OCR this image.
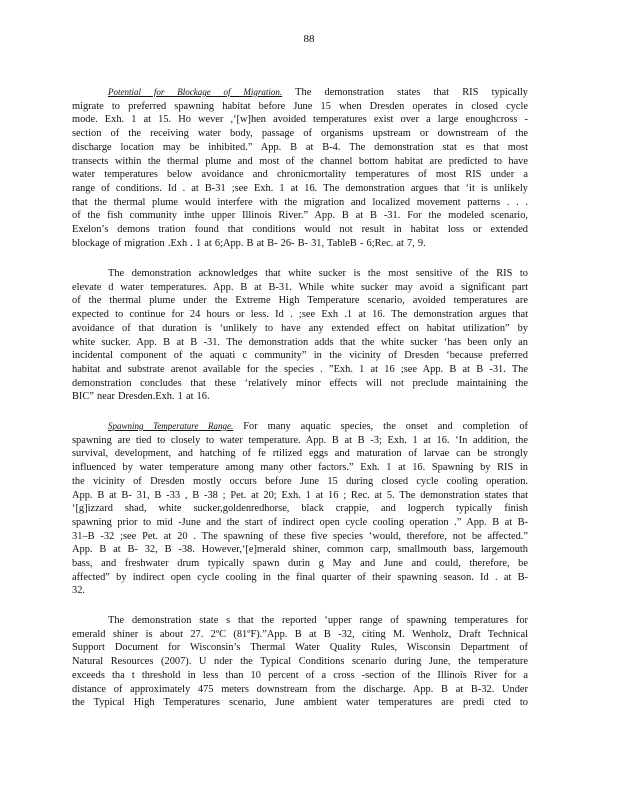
88
Potential for Blockage of Migration. The demonstration states that RIS typically
migrate to preferred spawning habitat before June 15 when Dresden operates in closed cycle
mode. Exh. 1 at 15. Ho wever ,‘[w]hen avoided temperatures exist over a large enoughcross -
section of the receiving water body, passage of organisms upstream or downstream of the
discharge location may be inhibited.” App. B at B-4. The demonstration stat es that most
transects within the thermal plume and most of the channel bottom habitat are predicted to have
water temperatures below avoidance and chronicmortality temperatures of most RIS under a
range of conditions. Id . at B-31 ;see Exh. 1 at 16. The demonstration argues that ‘it is unlikely
that the thermal plume would interfere with the migration and localized movement patterns . . .
of the fish community inthe upper Illinois River.” App. B at B -31. For the modeled scenario,
Exelon’s demons tration found that conditions would not result in habitat loss or extended
blockage of migration .Exh . 1 at 6;App. B at B- 26- B- 31, TableB - 6;Rec. at 7, 9.
The demonstration acknowledges that white sucker is the most sensitive of the RIS to
elevate d water temperatures. App. B at B-31. While white sucker may avoid a significant part
of the thermal plume under the Extreme High Temperature scenario, avoided temperatures are
expected to continue for 24 hours or less. Id . ;see Exh .1 at 16. The demonstration argues that
avoidance of that duration is ‘unlikely to have any extended effect on habitat utilization” by
white sucker. App. B at B -31. The demonstration adds that the white sucker ‘has been only an
incidental component of the aquati c community” in the vicinity of Dresden ‘because preferred
habitat and substrate arenot available for the species . ”Exh. 1 at 16 ;see App. B at B -31. The
demonstration concludes that these ‘relatively minor effects will not preclude maintaining the
BIC” near Dresden.Exh. 1 at 16.
Spawning Temperature Range. For many aquatic species, the onset and completion of
spawning are tied to closely to water temperature. App. B at B -3; Exh. 1 at 16. ‘In addition, the
survival, development, and hatching of fe rtilized eggs and maturation of larvae can be strongly
influenced by water temperature among many other factors.” Exh. 1 at 16. Spawning by RIS in
the vicinity of Dresden mostly occurs before June 15 during closed cycle cooling operation.
App. B at B- 31, B -33 , B -38 ; Pet. at 20; Exh. 1 at 16 ; Rec. at 5. The demonstration states that
‘[g]izzard shad, white sucker,goldenredhorse, black crappie, and logperch typically finish
spawning prior to mid -June and the start of indirect open cycle cooling operation .” App. B at B-
31–B -32 ;see Pet. at 20 . The spawning of these five species ‘would, therefore, not be affected.”
App. B at B- 32, B -38. However,‘[e]merald shiner, common carp, smallmouth bass, largemouth
bass, and freshwater drum typically spawn durin g May and June and could, therefore, be
affected” by indirect open cycle cooling in the final quarter of their spawning season. Id . at B-
32.
The demonstration state s that the reported ‘upper range of spawning temperatures for
emerald shiner is about 27. 2ºC (81ºF).”App. B at B -32, citing M. Wenholz, Draft Technical
Support Document for Wisconsin’s Thermal Water Quality Rules, Wisconsin Department of
Natural Resources (2007). U nder the Typical Conditions scenario during June, the temperature
exceeds tha t threshold in less than 10 percent of a cross -section of the Illinois River for a
distance of approximately 475 meters downstream from the discharge. App. B at B-32. Under
the Typical High Temperatures scenario, June ambient water temperatures are predi cted to
